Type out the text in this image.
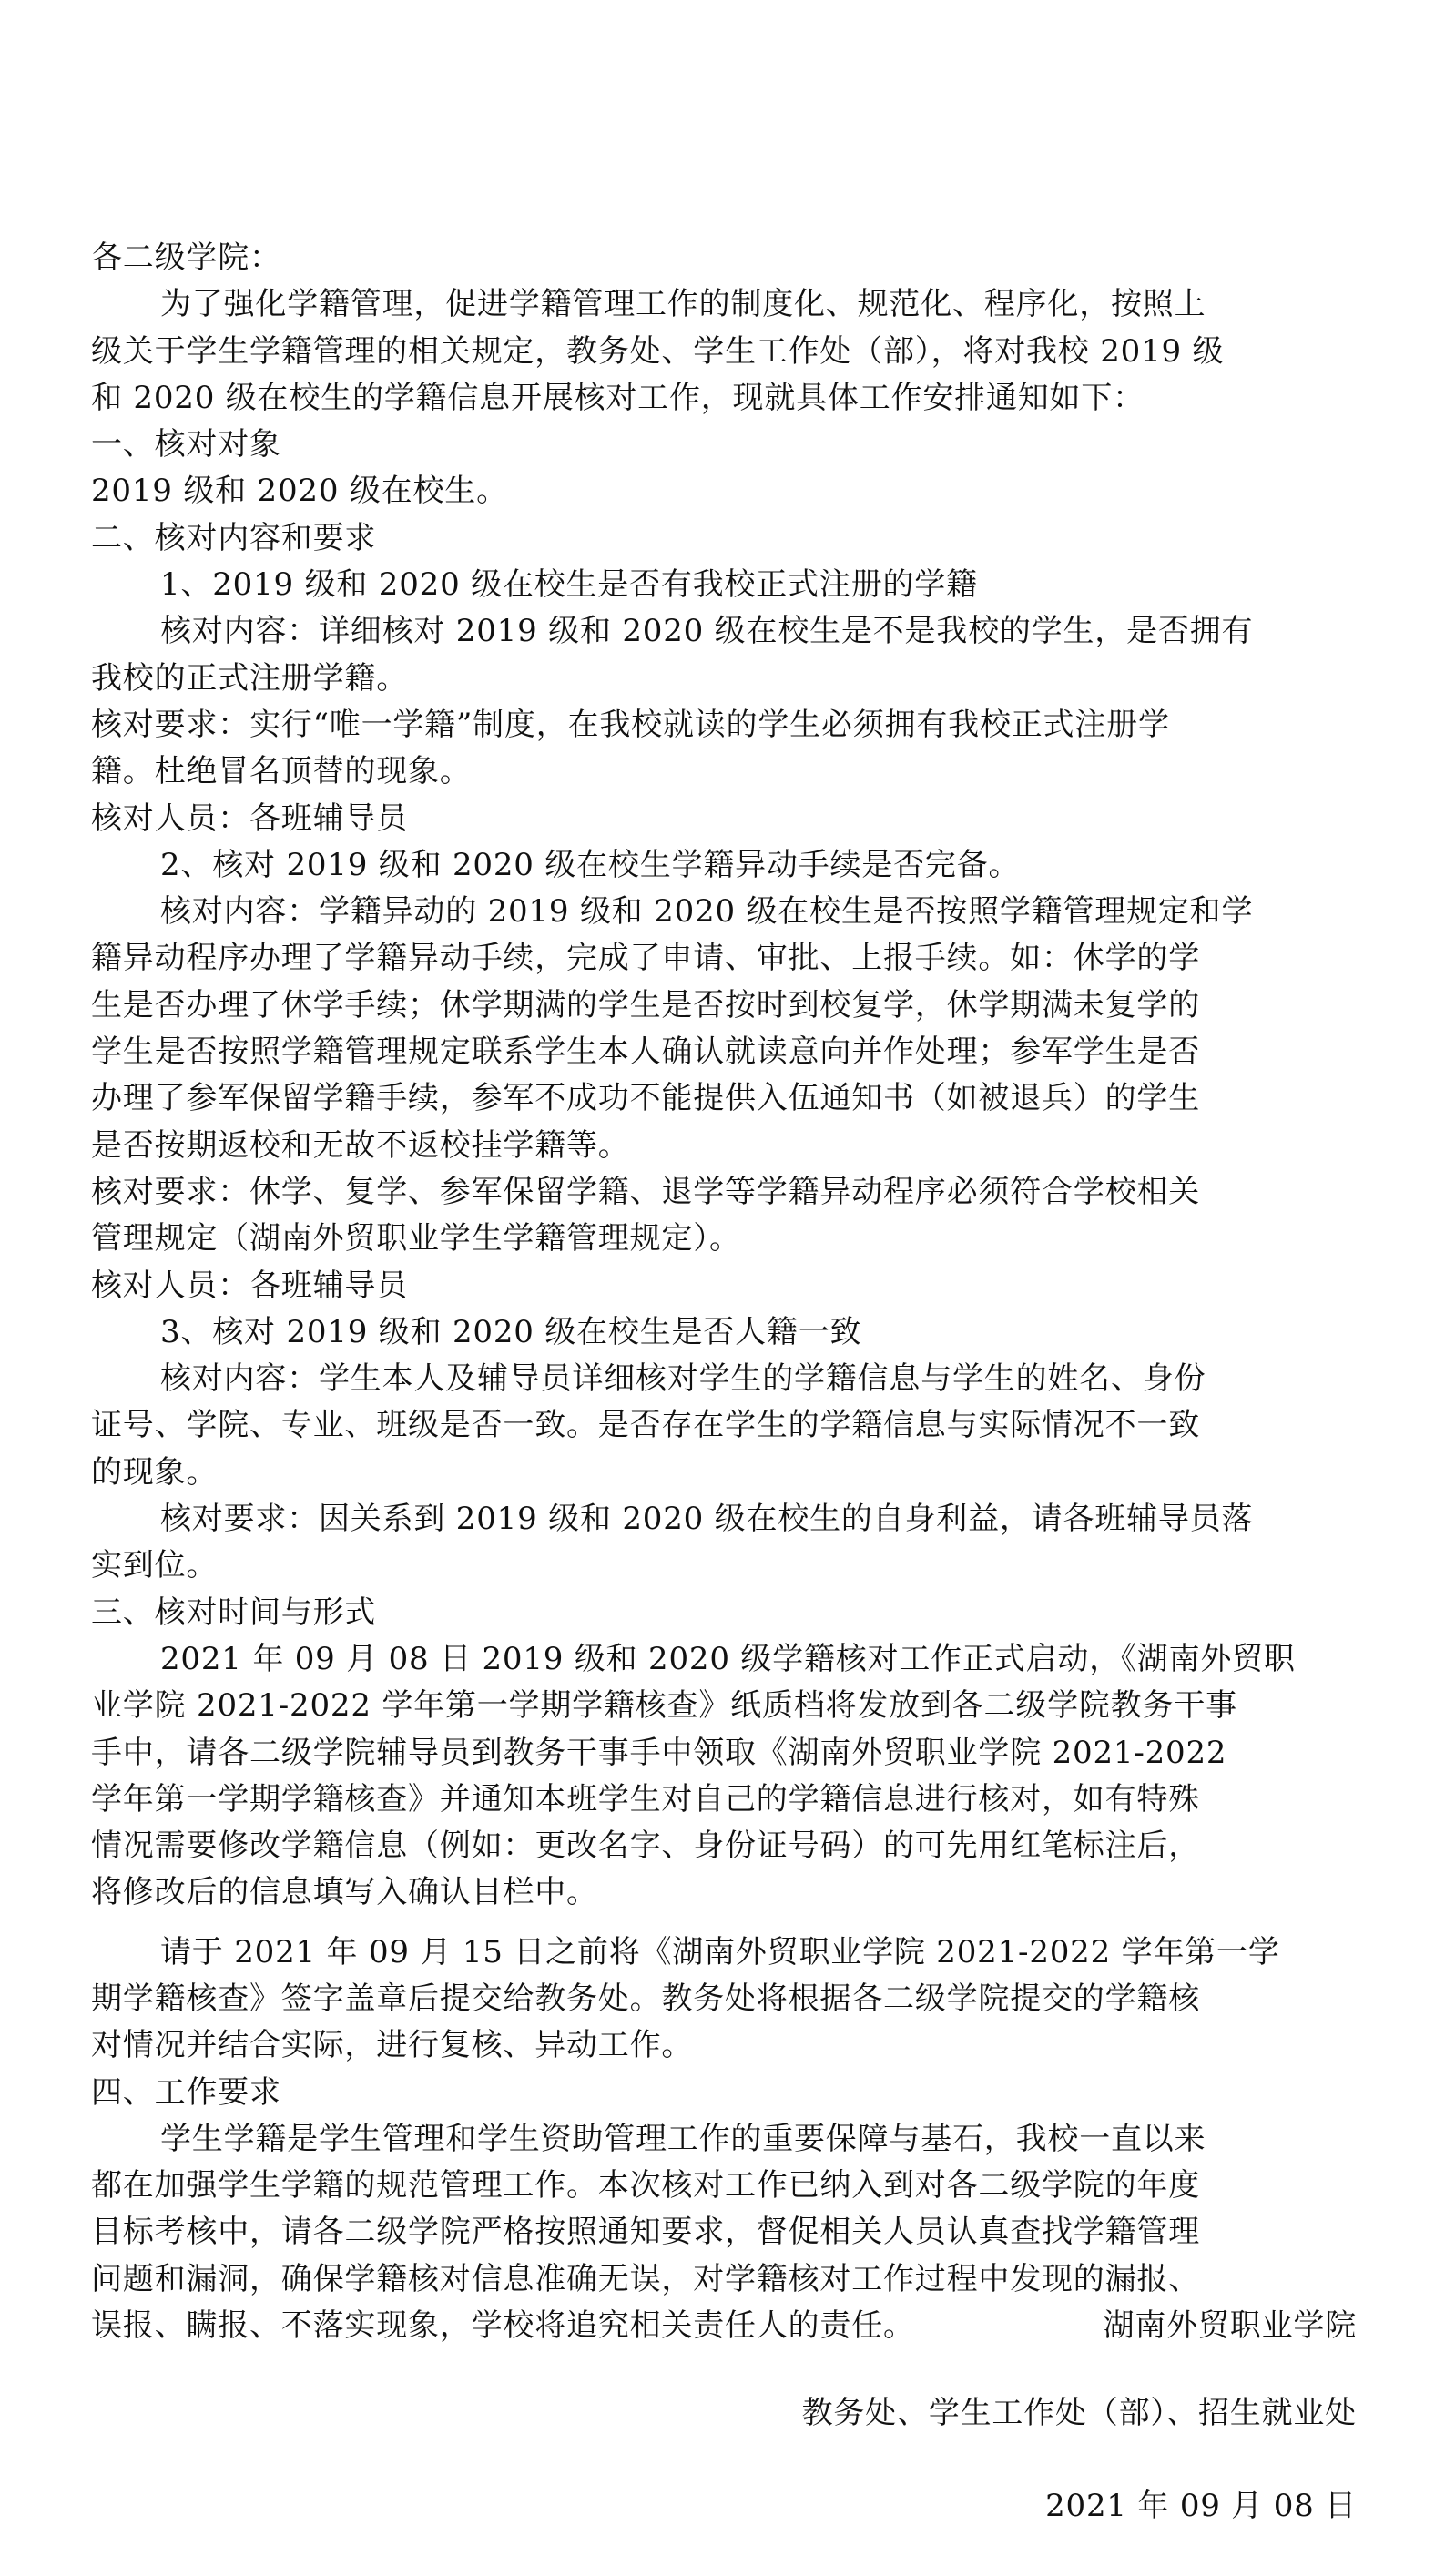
各二级学院：
为了强化学籍管理，促进学籍管理工作的制度化、规范化、程序化，按照上
级关于学生学籍管理的相关规定，教务处、学生工作处（部），将对我校 2019 级
和 2020 级在校生的学籍信息开展核对工作，现就具体工作安排通知如下：
一、核对对象
2019 级和 2020 级在校生。
二、核对内容和要求
1、2019 级和 2020 级在校生是否有我校正式注册的学籍
核对内容：详细核对 2019 级和 2020 级在校生是不是我校的学生，是否拥有
我校的正式注册学籍。
核对要求：实行“唯一学籍”制度，在我校就读的学生必须拥有我校正式注册学
籍。杜绝冒名顶替的现象。
核对人员：各班辅导员
2、核对 2019 级和 2020 级在校生学籍异动手续是否完备。
核对内容：学籍异动的 2019 级和 2020 级在校生是否按照学籍管理规定和学
籍异动程序办理了学籍异动手续，完成了申请、审批、上报手续。如：休学的学
生是否办理了休学手续；休学期满的学生是否按时到校复学，休学期满未复学的
学生是否按照学籍管理规定联系学生本人确认就读意向并作处理；参军学生是否
办理了参军保留学籍手续，参军不成功不能提供入伍通知书（如被退兵）的学生
是否按期返校和无故不返校挂学籍等。
核对要求：休学、复学、参军保留学籍、退学等学籍异动程序必须符合学校相关
管理规定（湖南外贸职业学生学籍管理规定）。
核对人员：各班辅导员
3、核对 2019 级和 2020 级在校生是否人籍一致
核对内容：学生本人及辅导员详细核对学生的学籍信息与学生的姓名、身份
证号、学院、专业、班级是否一致。是否存在学生的学籍信息与实际情况不一致
的现象。
核对要求：因关系到 2019 级和 2020 级在校生的自身利益，请各班辅导员落
实到位。
三、核对时间与形式
2021 年 09 月 08 日 2019 级和 2020 级学籍核对工作正式启动，《湖南外贸职
业学院 2021-2022 学年第一学期学籍核查》纸质档将发放到各二级学院教务干事
手中，请各二级学院辅导员到教务干事手中领取《湖南外贸职业学院 2021-2022
学年第一学期学籍核查》并通知本班学生对自己的学籍信息进行核对，如有特殊
情况需要修改学籍信息（例如：更改名字、身份证号码）的可先用红笔标注后，
将修改后的信息填写入确认目栏中。
请于 2021 年 09 月 15 日之前将《湖南外贸职业学院 2021-2022 学年第一学
期学籍核查》签字盖章后提交给教务处。教务处将根据各二级学院提交的学籍核
对情况并结合实际，进行复核、异动工作。
四、工作要求
学生学籍是学生管理和学生资助管理工作的重要保障与基石，我校一直以来
都在加强学生学籍的规范管理工作。本次核对工作已纳入到对各二级学院的年度
目标考核中，请各二级学院严格按照通知要求，督促相关人员认真查找学籍管理
问题和漏洞，确保学籍核对信息准确无误，对学籍核对工作过程中发现的漏报、
误报、瞒报、不落实现象，学校将追究相关责任人的责任。	湖南外贸职业学院
教务处、学生工作处（部）、招生就业处
2021 年 09 月 08 日
